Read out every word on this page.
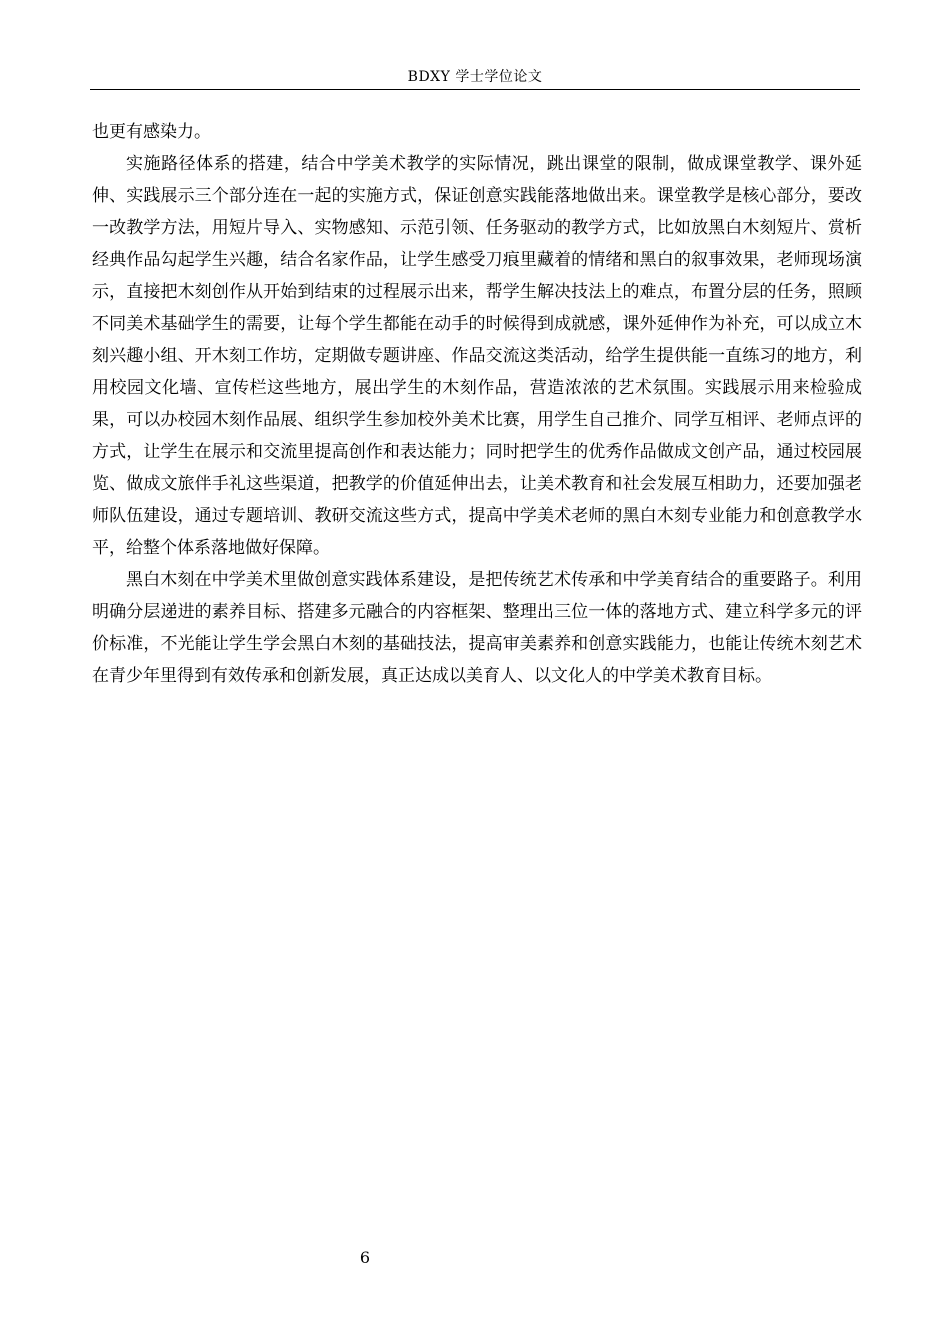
BDXY 学士学位论文

也更有感染力。

实施路径体系的搭建，结合中学美术教学的实际情况，跳出课堂的限制，做成课堂教学、课外延伸、实践展示三个部分连在一起的实施方式，保证创意实践能落地做出来。课堂教学是核心部分，要改一改教学方法，用短片导入、实物感知、示范引领、任务驱动的教学方式，比如放黑白木刻短片、赏析经典作品勾起学生兴趣，结合名家作品，让学生感受刀痕里藏着的情绪和黑白的叙事效果，老师现场演示，直接把木刻创作从开始到结束的过程展示出来，帮学生解决技法上的难点，布置分层的任务，照顾不同美术基础学生的需要，让每个学生都能在动手的时候得到成就感，课外延伸作为补充，可以成立木刻兴趣小组、开木刻工作坊，定期做专题讲座、作品交流这类活动，给学生提供能一直练习的地方，利用校园文化墙、宣传栏这些地方，展出学生的木刻作品，营造浓浓的艺术氛围。实践展示用来检验成果，可以办校园木刻作品展、组织学生参加校外美术比赛，用学生自己推介、同学互相评、老师点评的方式，让学生在展示和交流里提高创作和表达能力；同时把学生的优秀作品做成文创产品，通过校园展览、做成文旅伴手礼这些渠道，把教学的价值延伸出去，让美术教育和社会发展互相助力，还要加强老师队伍建设，通过专题培训、教研交流这些方式，提高中学美术老师的黑白木刻专业能力和创意教学水平，给整个体系落地做好保障。

黑白木刻在中学美术里做创意实践体系建设，是把传统艺术传承和中学美育结合的重要路子。利用明确分层递进的素养目标、搭建多元融合的内容框架、整理出三位一体的落地方式、建立科学多元的评价标准，不光能让学生学会黑白木刻的基础技法，提高审美素养和创意实践能力，也能让传统木刻艺术在青少年里得到有效传承和创新发展，真正达成以美育人、以文化人的中学美术教育目标。

6
